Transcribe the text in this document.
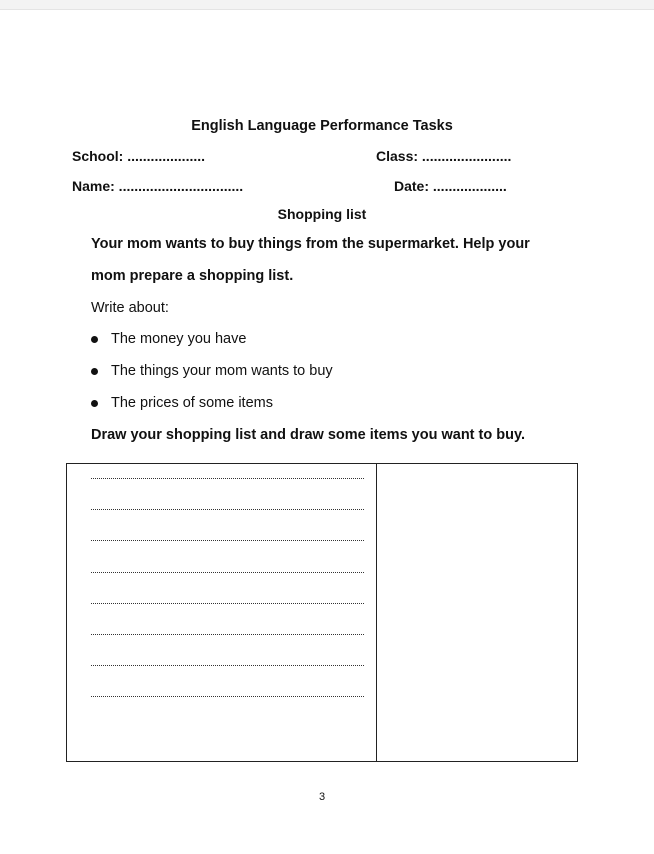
English Language Performance Tasks
School: ....................	Class: .......................
Name: ................................	Date: ...................
Shopping list
Your mom wants to buy things from the supermarket. Help your
mom prepare a shopping list.
Write about:
The money you have
The things your mom wants to buy
The prices of some items
Draw your shopping list and draw some items you want to buy.
3
